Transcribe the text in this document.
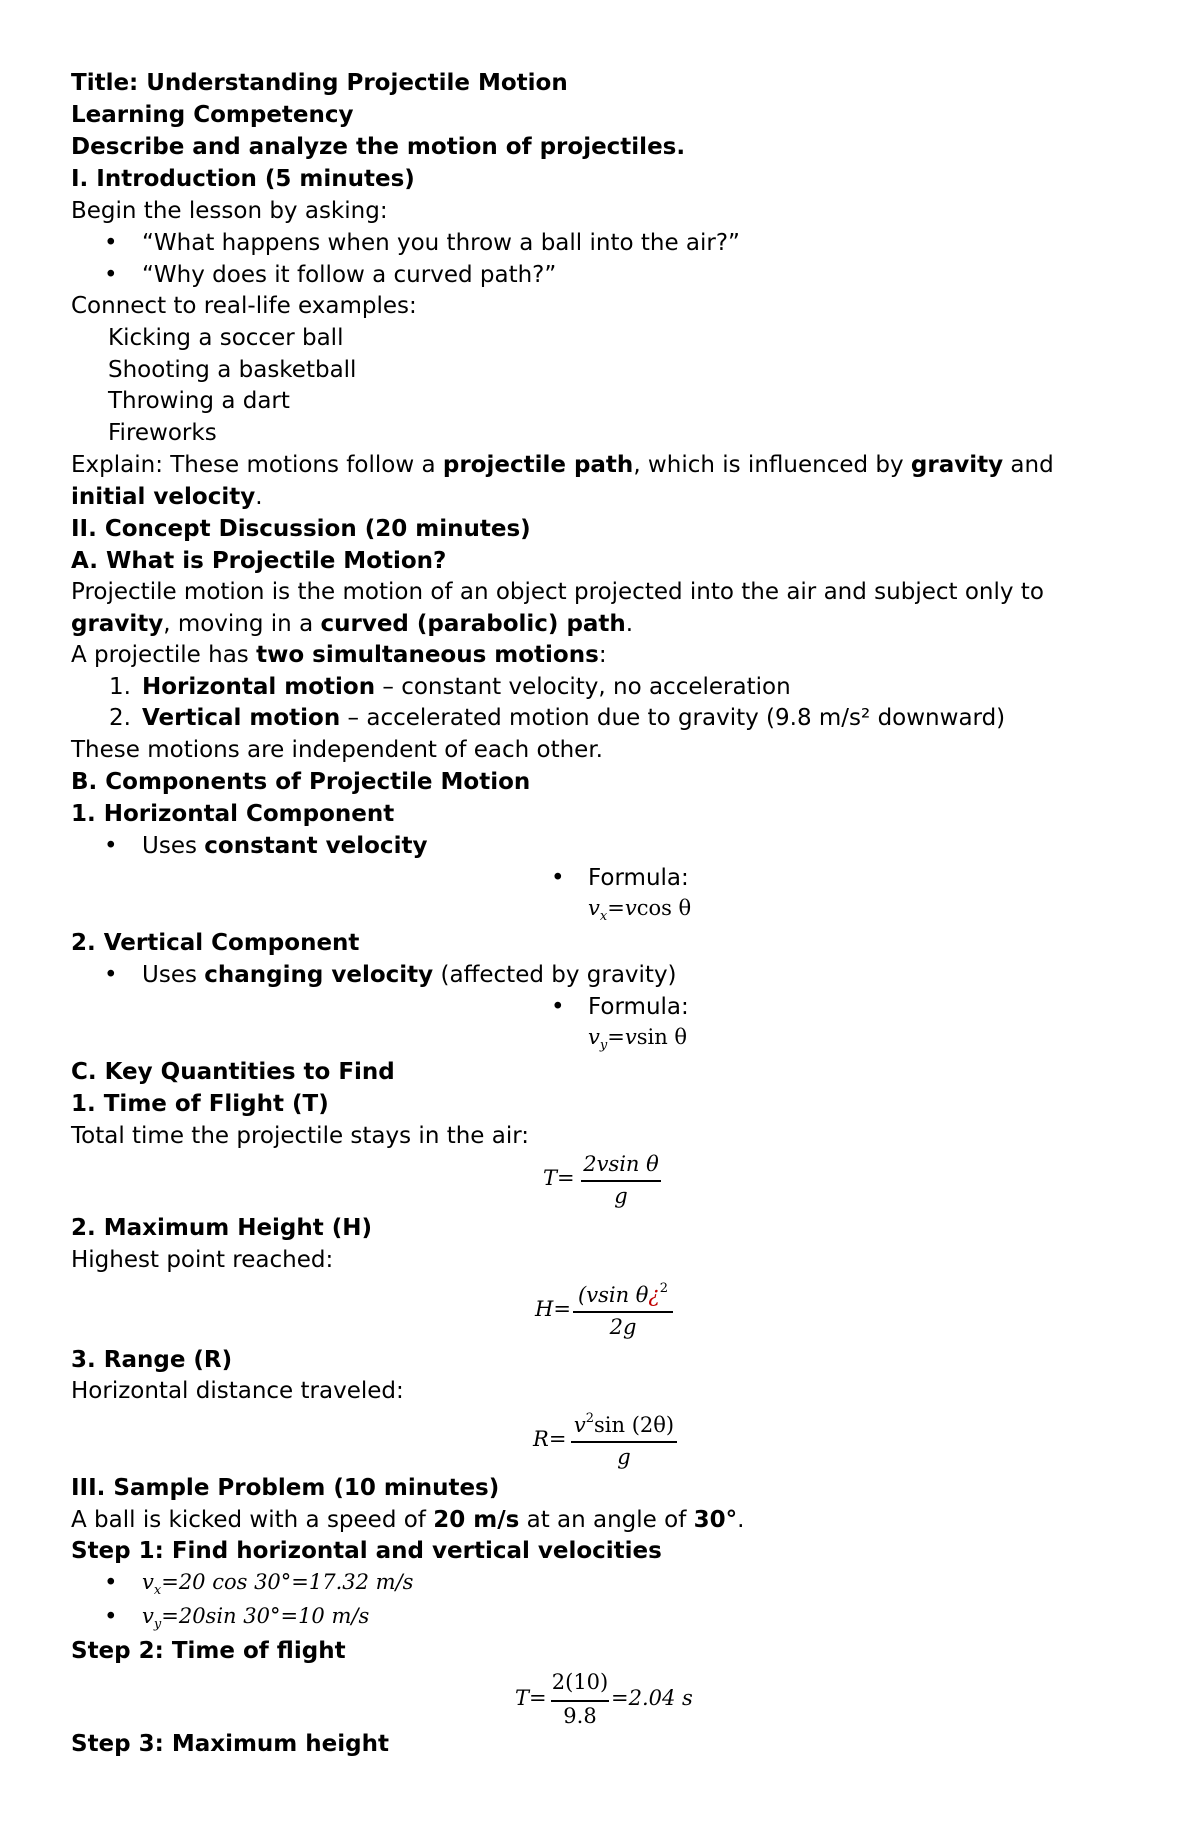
Title: Understanding Projectile Motion
Learning Competency
Describe and analyze the motion of projectiles.
I. Introduction (5 minutes)
Begin the lesson by asking:
• “What happens when you throw a ball into the air?”
• “Why does it follow a curved path?”
Connect to real-life examples:
Kicking a soccer ball
Shooting a basketball
Throwing a dart
Fireworks
Explain: These motions follow a projectile path, which is influenced by gravity and
initial velocity.
II. Concept Discussion (20 minutes)
A. What is Projectile Motion?
Projectile motion is the motion of an object projected into the air and subject only to
gravity, moving in a curved (parabolic) path.
A projectile has two simultaneous motions:
1. Horizontal motion – constant velocity, no acceleration
2. Vertical motion – accelerated motion due to gravity (9.8 m/s² downward)
These motions are independent of each other.
B. Components of Projectile Motion
1. Horizontal Component
• Uses constant velocity
• Formula:
$v_x=vcos$ θ
2. Vertical Component
• Uses changing velocity (affected by gravity)
• Formula:
$v_y=vsin$ θ
C. Key Quantities to Find
1. Time of Flight (T)
Total time the projectile stays in the air:
T=
2vsin θ
g
2. Maximum Height (H)
Highest point reached:
H=
(vsin θ¿$^2$
2g
3. Range (R)
Horizontal distance traveled:
R=
$v^2\sin$ (2θ)
g
III. Sample Problem (10 minutes)
A ball is kicked with a speed of 20 m/s at an angle of 30°.
Step 1: Find horizontal and vertical velocities
• $v_x=20$ cos 30°=17.32 m/s
• $v_y=20\sin$ 30°=10 m/s
Step 2: Time of flight
T=
2(10)
9.8
=2.04 s
Step 3: Maximum height
